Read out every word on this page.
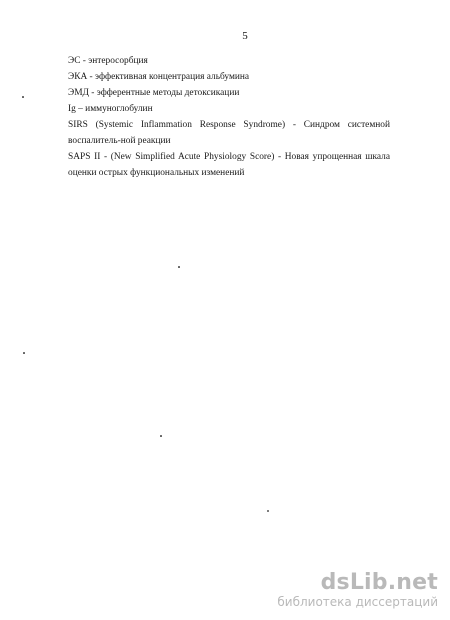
5

ЭС - энтеросорбция

ЭКА - эффективная концентрация альбумина

ЭМД - эфферентные методы детоксикации

Ig – иммуноглобулин

SIRS (Systemic Inflammation Response Syndrome) - Синдром системной воспалитель-ной реакции

SAPS II - (New Simplified Acute Physiology Score) - Новая упрощенная шкала оценки острых функциональных изменений

dsLib.net
библиотека диссертаций
